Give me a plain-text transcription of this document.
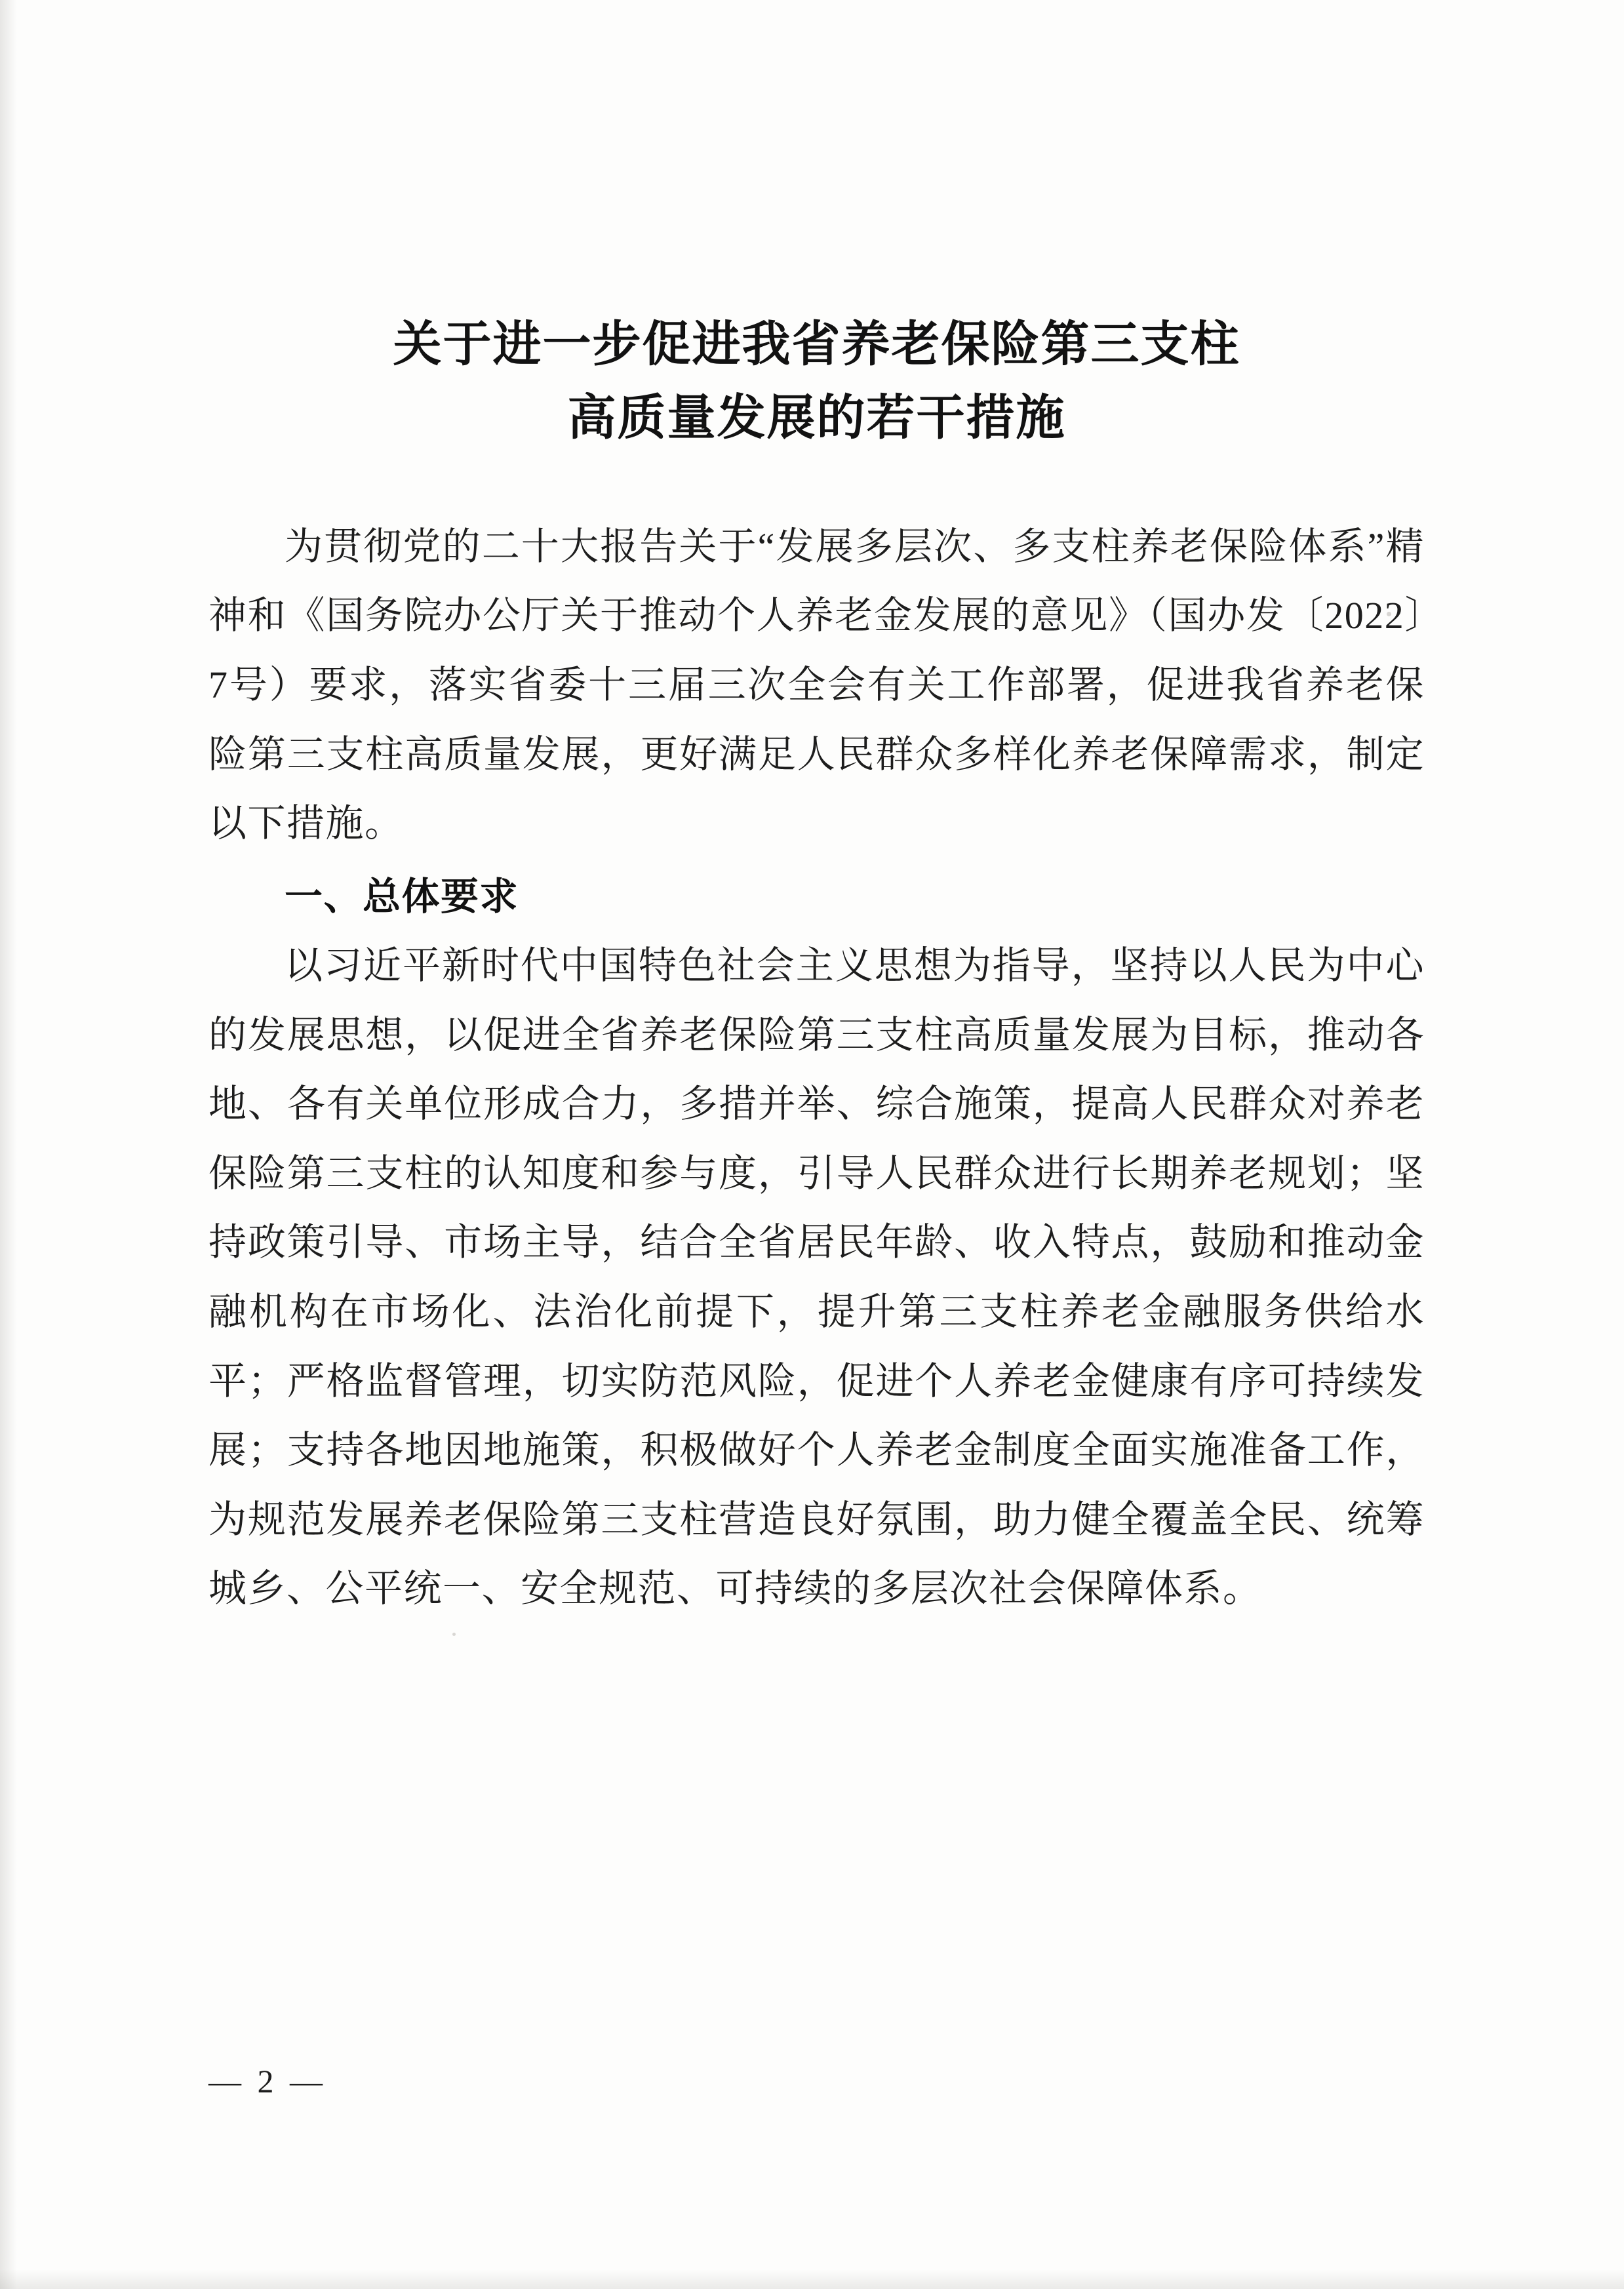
关于进一步促进我省养老保险第三支柱
高质量发展的若干措施

为贯彻党的二十大报告关于“发展多层次、多支柱养老保险体系”精神和《国务院办公厅关于推动个人养老金发展的意见》（国办发〔2022〕7号）要求，落实省委十三届三次全会有关工作部署，促进我省养老保险第三支柱高质量发展，更好满足人民群众多样化养老保障需求，制定以下措施。

一、总体要求

以习近平新时代中国特色社会主义思想为指导，坚持以人民为中心的发展思想，以促进全省养老保险第三支柱高质量发展为目标，推动各地、各有关单位形成合力，多措并举、综合施策，提高人民群众对养老保险第三支柱的认知度和参与度，引导人民群众进行长期养老规划；坚持政策引导、市场主导，结合全省居民年龄、收入特点，鼓励和推动金融机构在市场化、法治化前提下，提升第三支柱养老金融服务供给水平；严格监督管理，切实防范风险，促进个人养老金健康有序可持续发展；支持各地因地施策，积极做好个人养老金制度全面实施准备工作，为规范发展养老保险第三支柱营造良好氛围，助力健全覆盖全民、统筹城乡、公平统一、安全规范、可持续的多层次社会保障体系。

— 2 —
